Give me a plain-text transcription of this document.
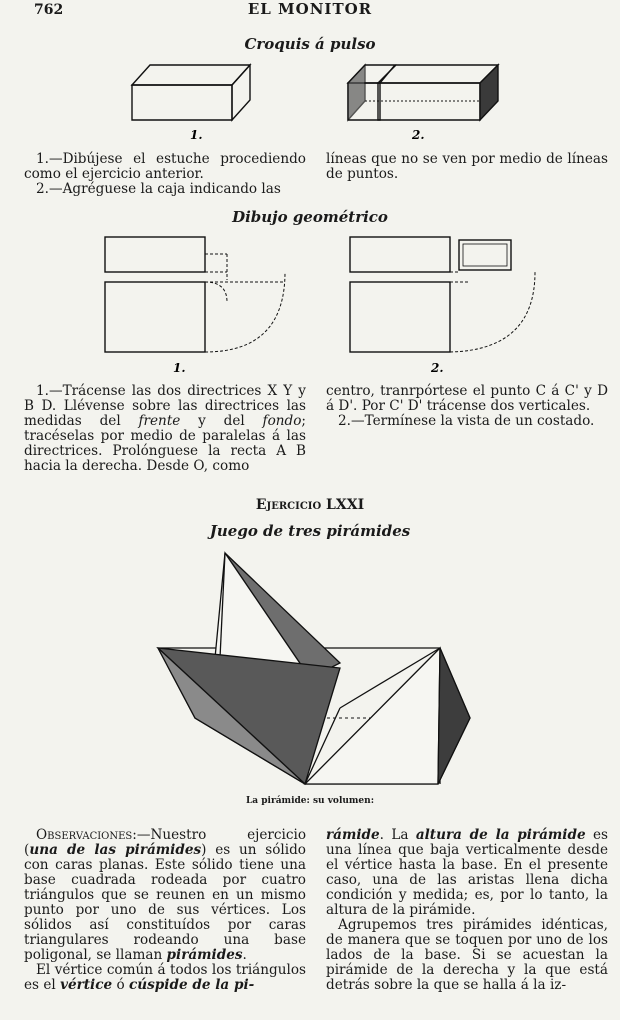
762	EL MONITOR
Croquis á pulso
1.	2.

1.—Dibújese el estuche procediendo como el ejercicio anterior.

2.—Agréguese la caja indicando las

líneas que no se ven por medio de líneas de puntos.

Dibujo geométrico
1.	2.

1.—Trácense las dos directrices X Y y B D. Llévense sobre las directrices las medidas del frente y del fondo; tracéselas por medio de paralelas á las directrices. Prolónguese la recta A B hacia la derecha. Desde O, como

centro, tranrpórtese el punto C á C' y D á D'. Por C' D' trácense dos verticales.

2.—Termínese la vista de un costado.

Ejercicio LXXI
Juego de tres pirámides
La pirámide: su volumen:

Observaciones:—Nuestro ejercicio (una de las pirámides) es un sólido con caras planas. Este sólido tiene una base cuadrada rodeada por cuatro triángulos que se reunen en un mismo punto por uno de sus vértices. Los sólidos así constituídos por caras triangulares rodeando una base poligonal, se llaman pirámides.

El vértice común á todos los triángulos es el vértice ó cúspide de la pi-

rámide. La altura de la pirámide es una línea que baja verticalmente desde el vértice hasta la base. En el presente caso, una de las aristas llena dicha condición y medida; es, por lo tanto, la altura de la pirámide.

Agrupemos tres pirámides idénticas, de manera que se toquen por uno de los lados de la base. Si se acuestan la pirámide de la derecha y la que está detrás sobre la que se halla á la iz-
